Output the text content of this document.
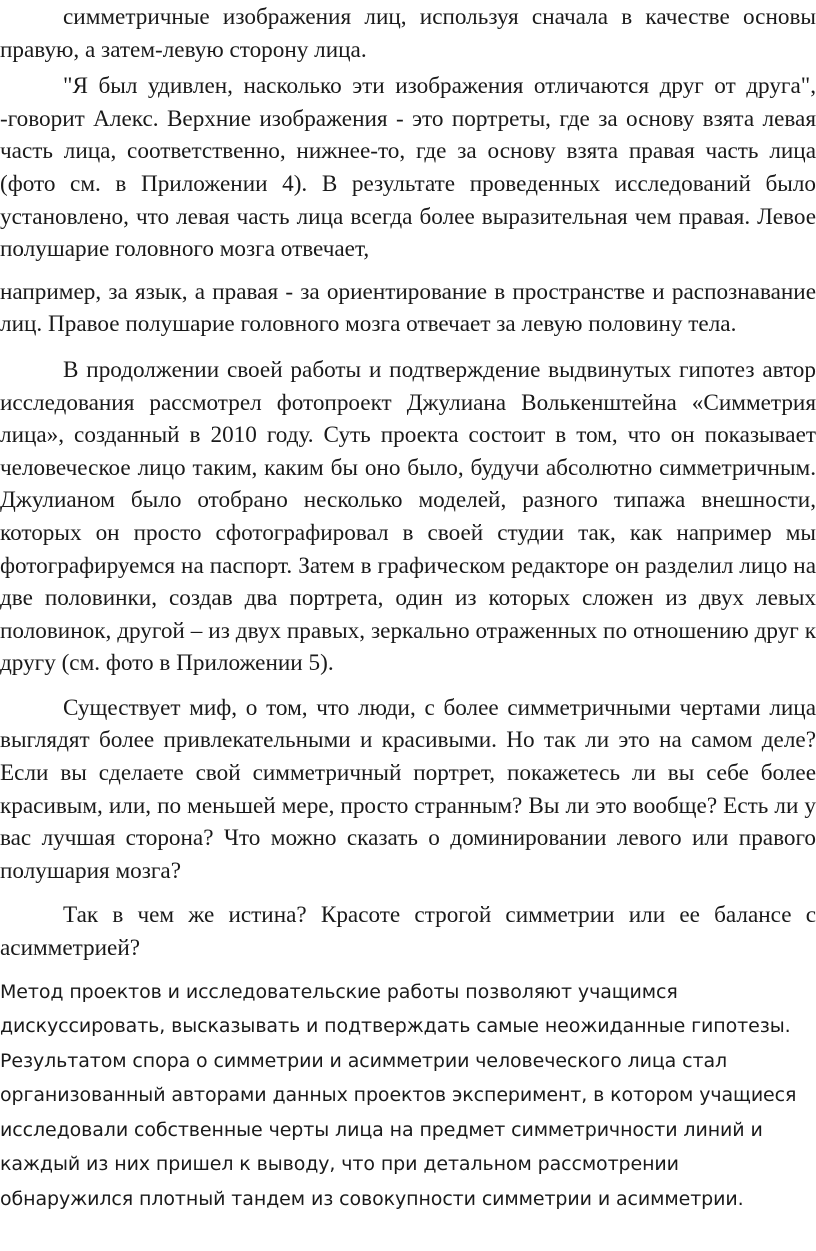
симметричные изображения лиц, используя сначала в качестве основы правую, а затем-левую сторону лица.

"Я был удивлен, насколько эти изображения отличаются друг от друга", -говорит Алекс. Верхние изображения - это портреты, где за основу взята левая часть лица, соответственно, нижнее-то, где за основу взята правая часть лица (фото см. в Приложении 4). В результате проведенных исследований было установлено, что левая часть лица всегда более выразительная чем правая. Левое полушарие головного мозга отвечает,

например, за язык, а правая - за ориентирование в пространстве и распознавание лиц. Правое полушарие головного мозга отвечает за левую половину тела.

В продолжении своей работы и подтверждение выдвинутых гипотез автор исследования рассмотрел фотопроект Джулиана Волькенштейна «Симметрия лица», созданный в 2010 году. Суть проекта состоит в том, что он показывает человеческое лицо таким, каким бы оно было, будучи абсолютно симметричным. Джулианом было отобрано несколько моделей, разного типажа внешности, которых он просто сфотографировал в своей студии так, как например мы фотографируемся на паспорт. Затем в графическом редакторе он разделил лицо на две половинки, создав два портрета, один из которых сложен из двух левых половинок, другой – из двух правых, зеркально отраженных по отношению друг к другу (см. фото в Приложении 5).

Существует миф, о том, что люди, с более симметричными чертами лица выглядят более привлекательными и красивыми. Но так ли это на самом деле? Если вы сделаете свой симметричный портрет, покажетесь ли вы себе более красивым, или, по меньшей мере, просто странным? Вы ли это вообще? Есть ли у вас лучшая сторона? Что можно сказать о доминировании левого или правого полушария мозга?

Так в чем же истина? Красоте строгой симметрии или ее балансе с асимметрией?

Метод проектов и исследовательские работы позволяют учащимся дискуссировать, высказывать и подтверждать самые неожиданные гипотезы. Результатом спора о симметрии и асимметрии человеческого лица стал организованный авторами данных проектов эксперимент, в котором учащиеся исследовали собственные черты лица на предмет симметричности линий и каждый из них пришел к выводу, что при детальном рассмотрении обнаружился плотный тандем из совокупности симметрии и асимметрии.
